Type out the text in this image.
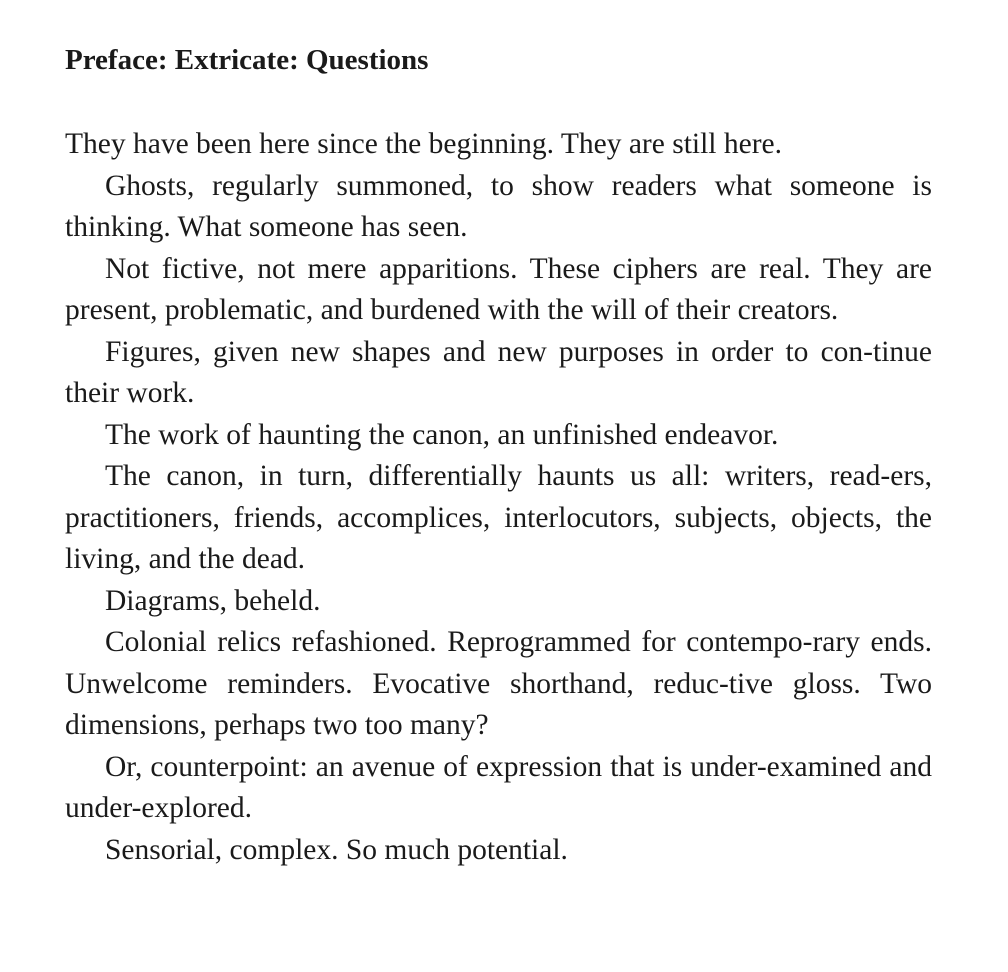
Preface: Extricate: Questions

They have been here since the beginning. They are still here.

Ghosts, regularly summoned, to show readers what someone is thinking. What someone has seen.

Not fictive, not mere apparitions. These ciphers are real. They are present, problematic, and burdened with the will of their creators.

Figures, given new shapes and new purposes in order to con-tinue their work.

The work of haunting the canon, an unfinished endeavor.

The canon, in turn, differentially haunts us all: writers, read-ers, practitioners, friends, accomplices, interlocutors, subjects, objects, the living, and the dead.

Diagrams, beheld.

Colonial relics refashioned. Reprogrammed for contempo-rary ends. Unwelcome reminders. Evocative shorthand, reduc-tive gloss. Two dimensions, perhaps two too many?

Or, counterpoint: an avenue of expression that is under-examined and under-explored.

Sensorial, complex. So much potential.
